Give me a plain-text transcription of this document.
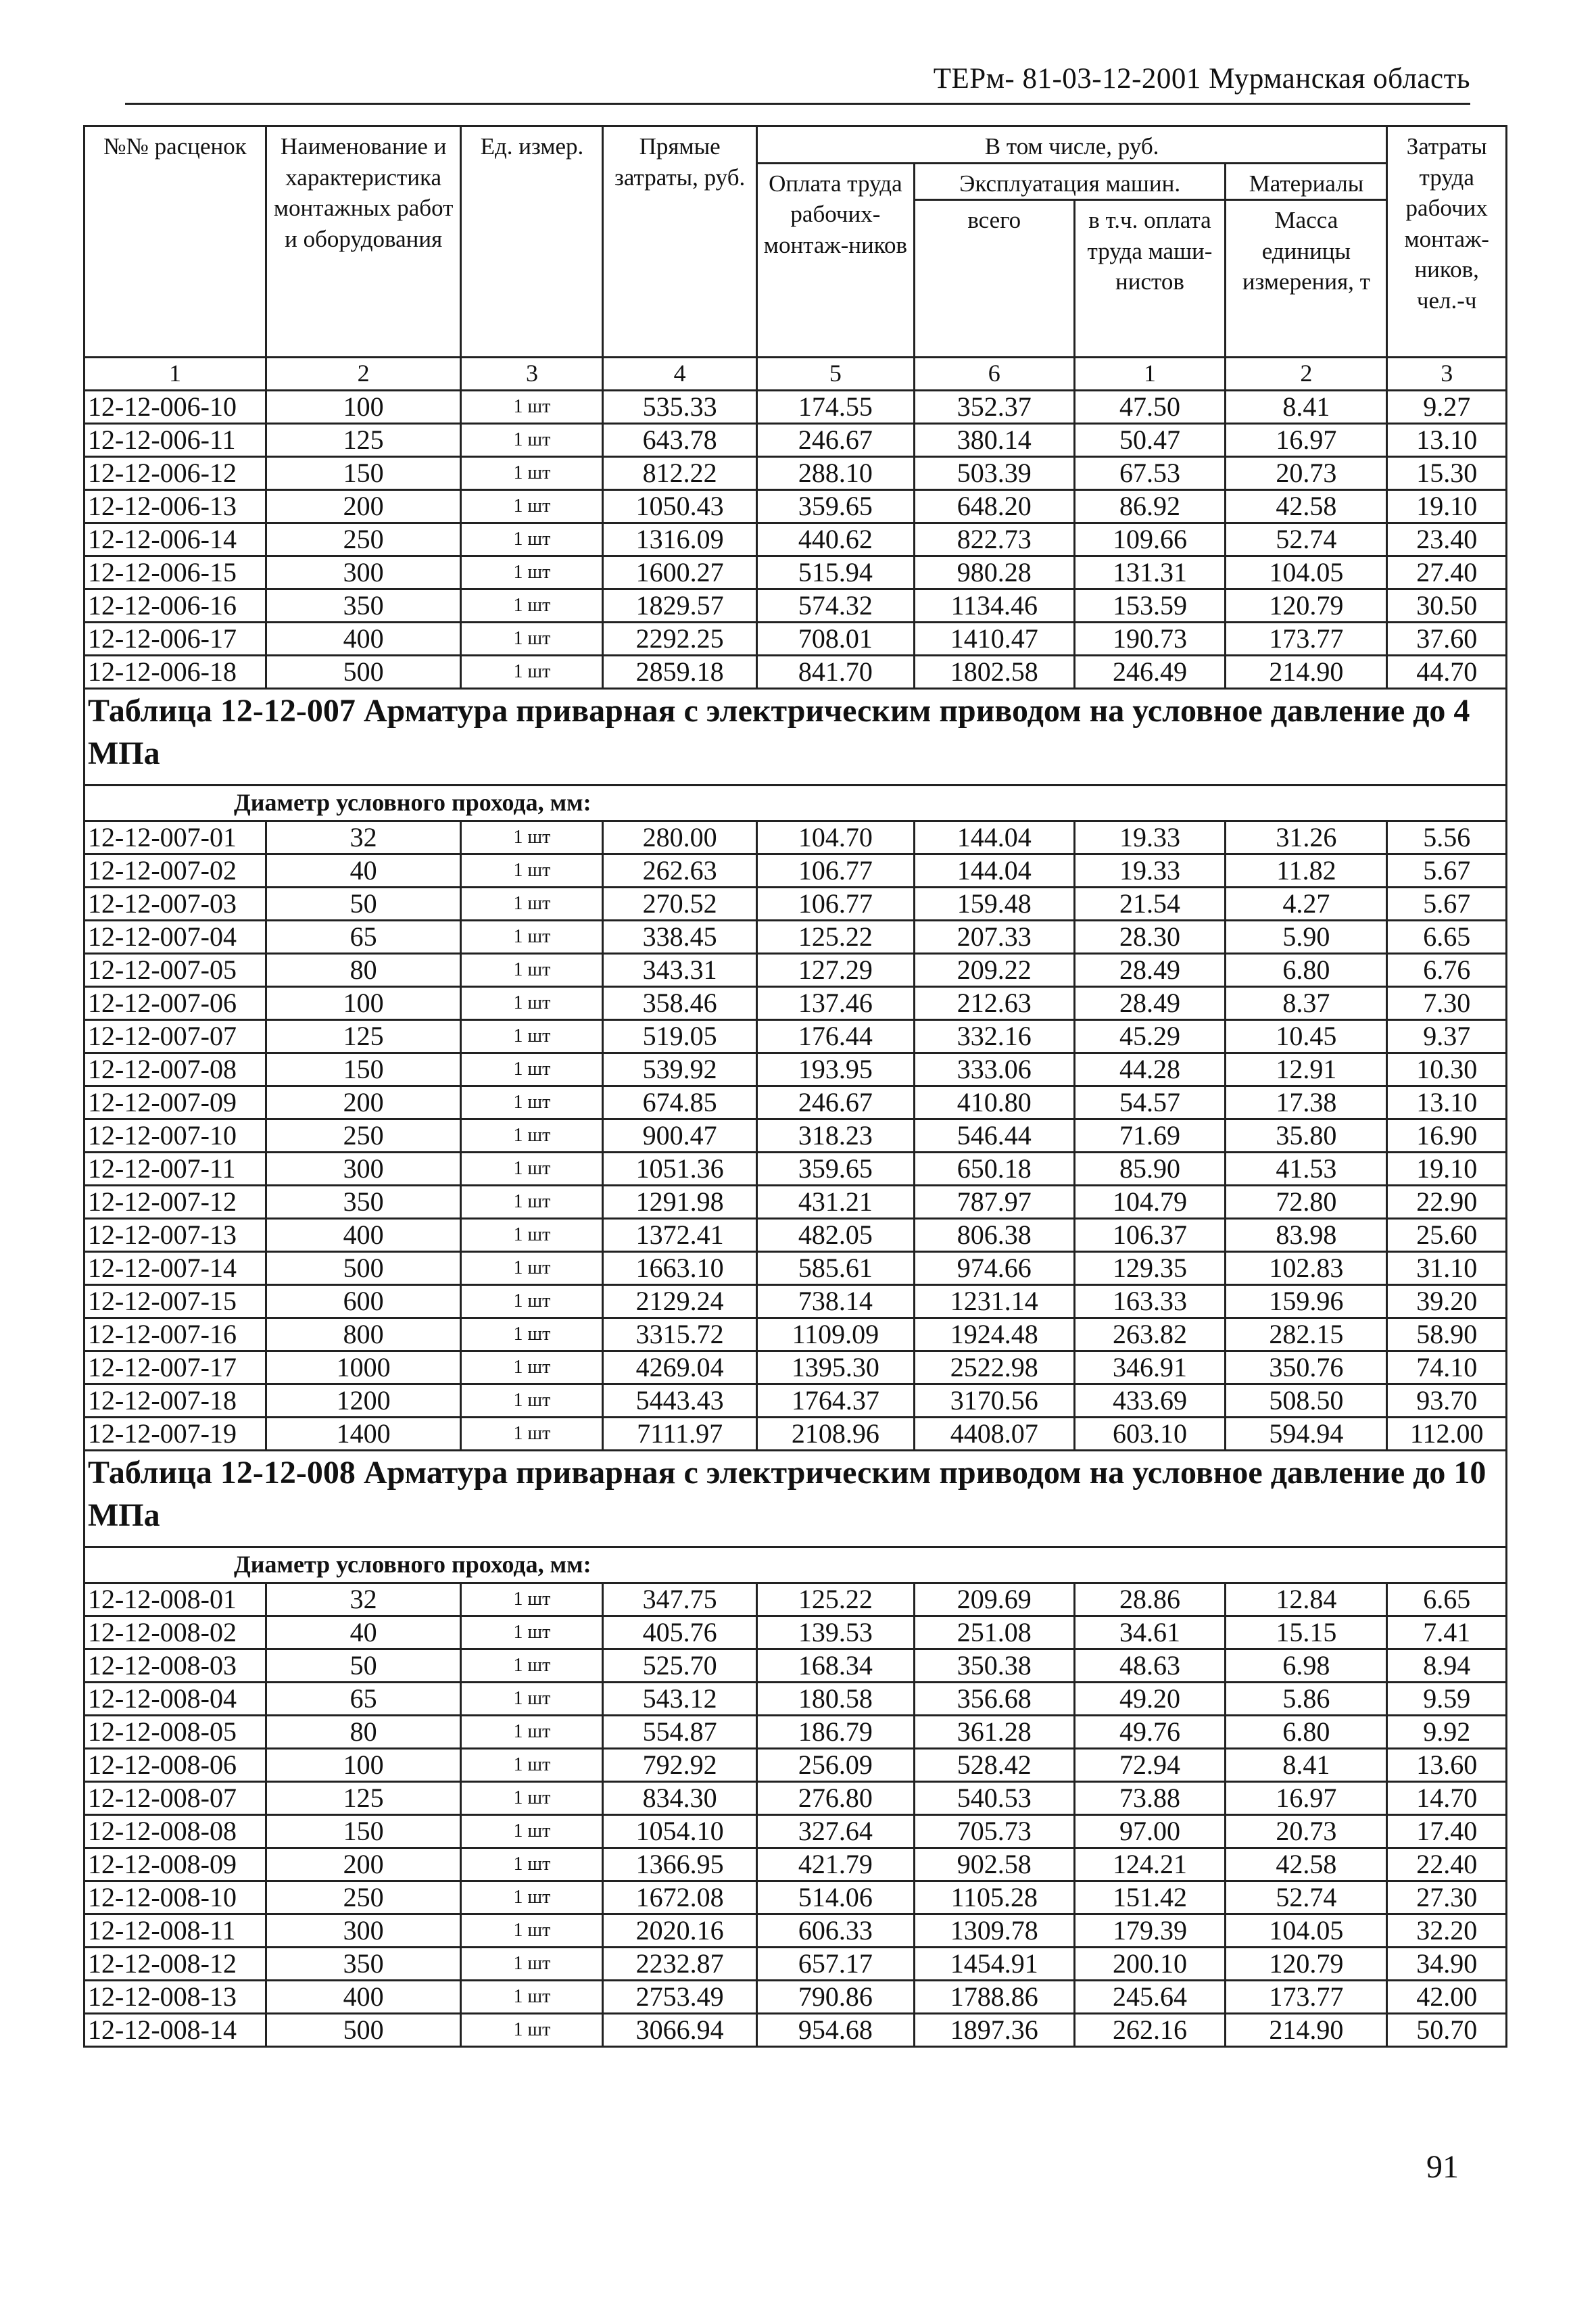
ТЕРм- 81-03-12-2001 Мурманская область
№№ расценок	Наименование и характеристика монтажных работ и оборудования	Ед. измер.	Прямые затраты, руб.	В том числе, руб.				Затраты труда рабочих монтаж-ников, чел.-ч
				Оплата труда рабочих-монтаж-ников	Эксплуатация машин.		Материалы	
					всего	в т.ч. оплата труда маши-нистов	Масса единицы измерения, т	
1	2	3	4	5	6	1	2	3
12-12-006-10	100	1 шт	535.33	174.55	352.37	47.50	8.41	9.27
12-12-006-11	125	1 шт	643.78	246.67	380.14	50.47	16.97	13.10
12-12-006-12	150	1 шт	812.22	288.10	503.39	67.53	20.73	15.30
12-12-006-13	200	1 шт	1050.43	359.65	648.20	86.92	42.58	19.10
12-12-006-14	250	1 шт	1316.09	440.62	822.73	109.66	52.74	23.40
12-12-006-15	300	1 шт	1600.27	515.94	980.28	131.31	104.05	27.40
12-12-006-16	350	1 шт	1829.57	574.32	1134.46	153.59	120.79	30.50
12-12-006-17	400	1 шт	2292.25	708.01	1410.47	190.73	173.77	37.60
12-12-006-18	500	1 шт	2859.18	841.70	1802.58	246.49	214.90	44.70
Таблица 12-12-007 Арматура приварная с электрическим приводом на условное давление до 4 МПа								
Диаметр условного прохода, мм:								
12-12-007-01	32	1 шт	280.00	104.70	144.04	19.33	31.26	5.56
12-12-007-02	40	1 шт	262.63	106.77	144.04	19.33	11.82	5.67
12-12-007-03	50	1 шт	270.52	106.77	159.48	21.54	4.27	5.67
12-12-007-04	65	1 шт	338.45	125.22	207.33	28.30	5.90	6.65
12-12-007-05	80	1 шт	343.31	127.29	209.22	28.49	6.80	6.76
12-12-007-06	100	1 шт	358.46	137.46	212.63	28.49	8.37	7.30
12-12-007-07	125	1 шт	519.05	176.44	332.16	45.29	10.45	9.37
12-12-007-08	150	1 шт	539.92	193.95	333.06	44.28	12.91	10.30
12-12-007-09	200	1 шт	674.85	246.67	410.80	54.57	17.38	13.10
12-12-007-10	250	1 шт	900.47	318.23	546.44	71.69	35.80	16.90
12-12-007-11	300	1 шт	1051.36	359.65	650.18	85.90	41.53	19.10
12-12-007-12	350	1 шт	1291.98	431.21	787.97	104.79	72.80	22.90
12-12-007-13	400	1 шт	1372.41	482.05	806.38	106.37	83.98	25.60
12-12-007-14	500	1 шт	1663.10	585.61	974.66	129.35	102.83	31.10
12-12-007-15	600	1 шт	2129.24	738.14	1231.14	163.33	159.96	39.20
12-12-007-16	800	1 шт	3315.72	1109.09	1924.48	263.82	282.15	58.90
12-12-007-17	1000	1 шт	4269.04	1395.30	2522.98	346.91	350.76	74.10
12-12-007-18	1200	1 шт	5443.43	1764.37	3170.56	433.69	508.50	93.70
12-12-007-19	1400	1 шт	7111.97	2108.96	4408.07	603.10	594.94	112.00
Таблица 12-12-008 Арматура приварная с электрическим приводом на условное давление до 10 МПа								
Диаметр условного прохода, мм:								
12-12-008-01	32	1 шт	347.75	125.22	209.69	28.86	12.84	6.65
12-12-008-02	40	1 шт	405.76	139.53	251.08	34.61	15.15	7.41
12-12-008-03	50	1 шт	525.70	168.34	350.38	48.63	6.98	8.94
12-12-008-04	65	1 шт	543.12	180.58	356.68	49.20	5.86	9.59
12-12-008-05	80	1 шт	554.87	186.79	361.28	49.76	6.80	9.92
12-12-008-06	100	1 шт	792.92	256.09	528.42	72.94	8.41	13.60
12-12-008-07	125	1 шт	834.30	276.80	540.53	73.88	16.97	14.70
12-12-008-08	150	1 шт	1054.10	327.64	705.73	97.00	20.73	17.40
12-12-008-09	200	1 шт	1366.95	421.79	902.58	124.21	42.58	22.40
12-12-008-10	250	1 шт	1672.08	514.06	1105.28	151.42	52.74	27.30
12-12-008-11	300	1 шт	2020.16	606.33	1309.78	179.39	104.05	32.20
12-12-008-12	350	1 шт	2232.87	657.17	1454.91	200.10	120.79	34.90
12-12-008-13	400	1 шт	2753.49	790.86	1788.86	245.64	173.77	42.00
12-12-008-14	500	1 шт	3066.94	954.68	1897.36	262.16	214.90	50.70
91
